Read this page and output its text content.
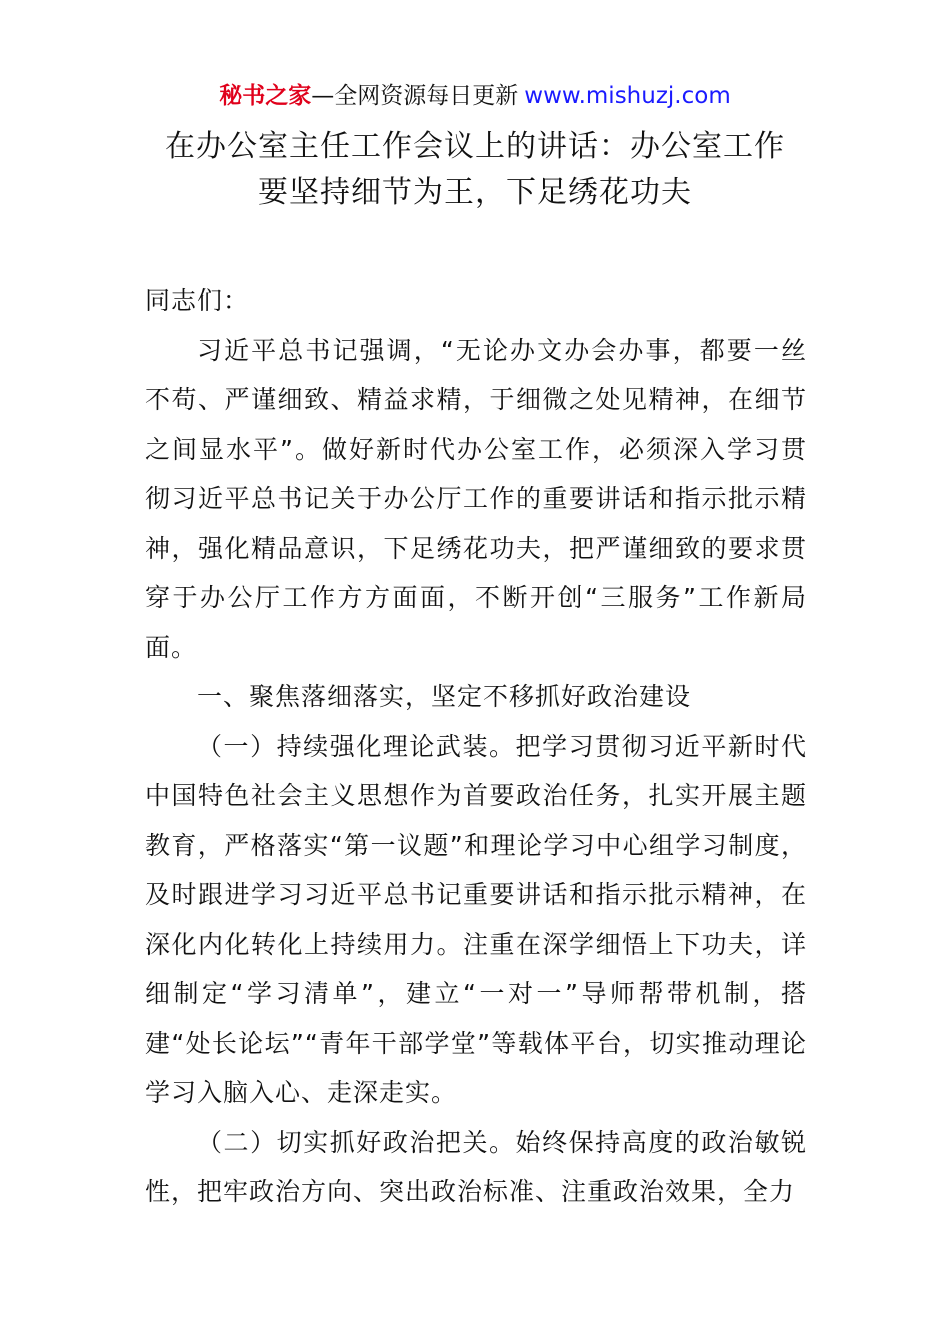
秘书之家—全网资源每日更新 www.mishuzj.com
在办公室主任工作会议上的讲话：办公室工作
要坚持细节为王，下足绣花功夫

同志们：

习近平总书记强调，“无论办文办会办事，都要一丝不苟、严谨细致、精益求精，于细微之处见精神，在细节之间显水平”。做好新时代办公室工作，必须深入学习贯彻习近平总书记关于办公厅工作的重要讲话和指示批示精神，强化精品意识，下足绣花功夫，把严谨细致的要求贯穿于办公厅工作方方面面，不断开创“三服务”工作新局面。

一、聚焦落细落实，坚定不移抓好政治建设

（一）持续强化理论武装。把学习贯彻习近平新时代中国特色社会主义思想作为首要政治任务，扎实开展主题教育，严格落实“第一议题”和理论学习中心组学习制度，及时跟进学习习近平总书记重要讲话和指示批示精神，在深化内化转化上持续用力。注重在深学细悟上下功夫，详细制定“学习清单”，建立“一对一”导师帮带机制，搭建“处长论坛”“青年干部学堂”等载体平台，切实推动理论学习入脑入心、走深走实。

（二）切实抓好政治把关。始终保持高度的政治敏锐性，把牢政治方向、突出政治标准、注重政治效果，全力
